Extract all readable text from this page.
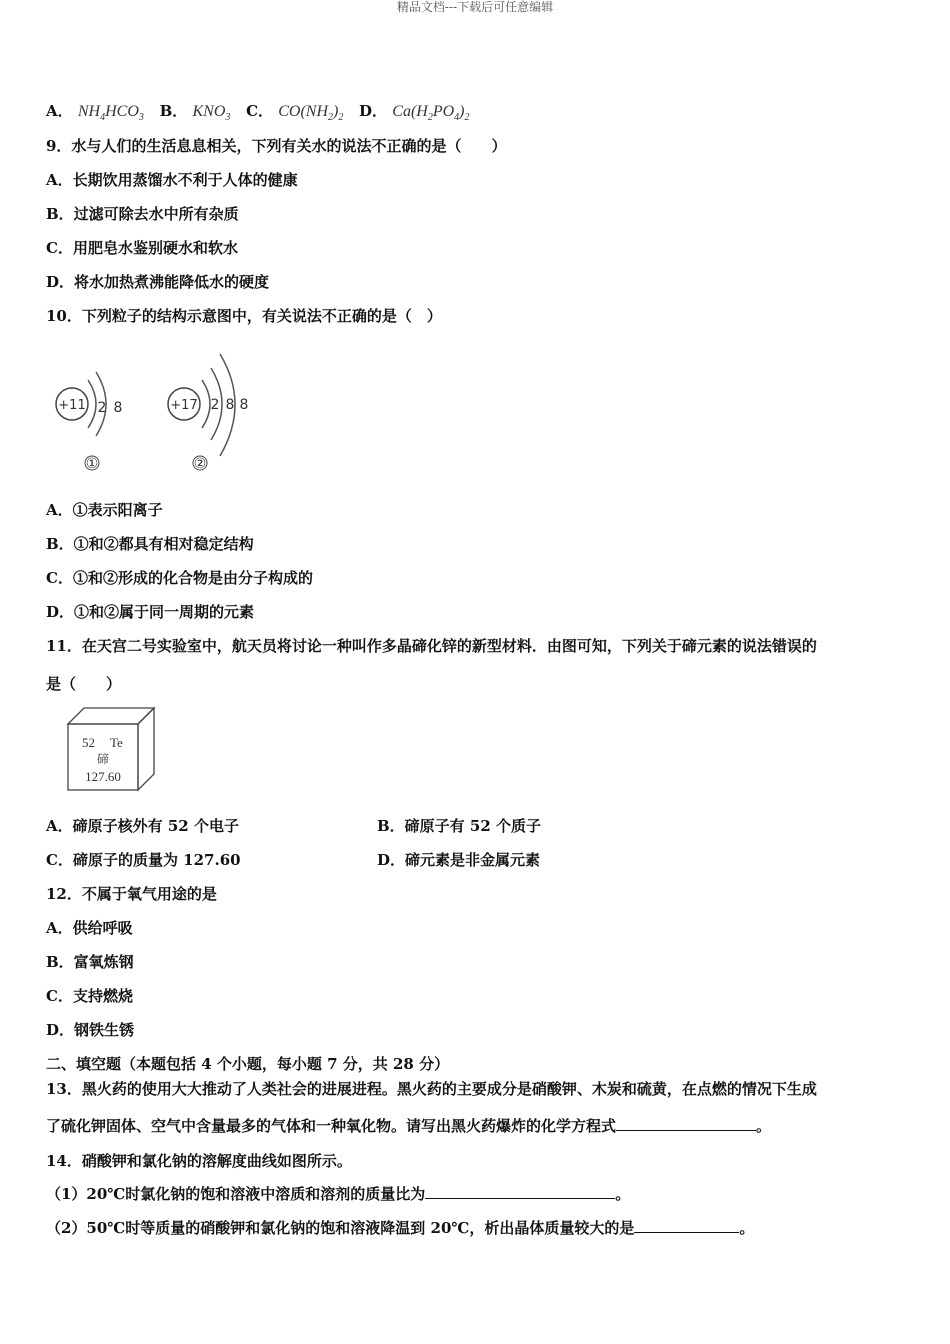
精品文档---下载后可任意编辑
A． $NH_4HCO_3$ B． $KNO_3$ C． $CO(NH_2)_2$ D． $Ca(H_2PO_4)_2$
9．水与人们的生活息息相关，下列有关水的说法不正确的是（　　）
A．长期饮用蒸馏水不利于人体的健康
B．过滤可除去水中所有杂质
C．用肥皂水鉴别硬水和软水
D．将水加热煮沸能降低水的硬度
10．下列粒子的结构示意图中，有关说法不正确的是（　）
+11 2 8
①
+17 2 8 8
②
A．①表示阳离子
B．①和②都具有相对稳定结构
C．①和②形成的化合物是由分子构成的
D．①和②属于同一周期的元素
11．在天宫二号实验室中，航天员将讨论一种叫作多晶碲化锌的新型材料．由图可知，下列关于碲元素的说法错误的
是（　　）
52 Te
碲
127.60
A．碲原子核外有 52 个电子	B．碲原子有 52 个质子
C．碲原子的质量为 127.60	D．碲元素是非金属元素
12．不属于氧气用途的是
A．供给呼吸
B．富氧炼钢
C．支持燃烧
D．钢铁生锈
二、填空题（本题包括 4 个小题，每小题 7 分，共 28 分）
13．黑火药的使用大大推动了人类社会的进展进程。黑火药的主要成分是硝酸钾、木炭和硫黄，在点燃的情况下生成
了硫化钾固体、空气中含量最多的气体和一种氧化物。请写出黑火药爆炸的化学方程式	。
14．硝酸钾和氯化钠的溶解度曲线如图所示。
（1）20℃时氯化钠的饱和溶液中溶质和溶剂的质量比为	。
（2）50℃时等质量的硝酸钾和氯化钠的饱和溶液降温到 20℃，析出晶体质量较大的是	。
